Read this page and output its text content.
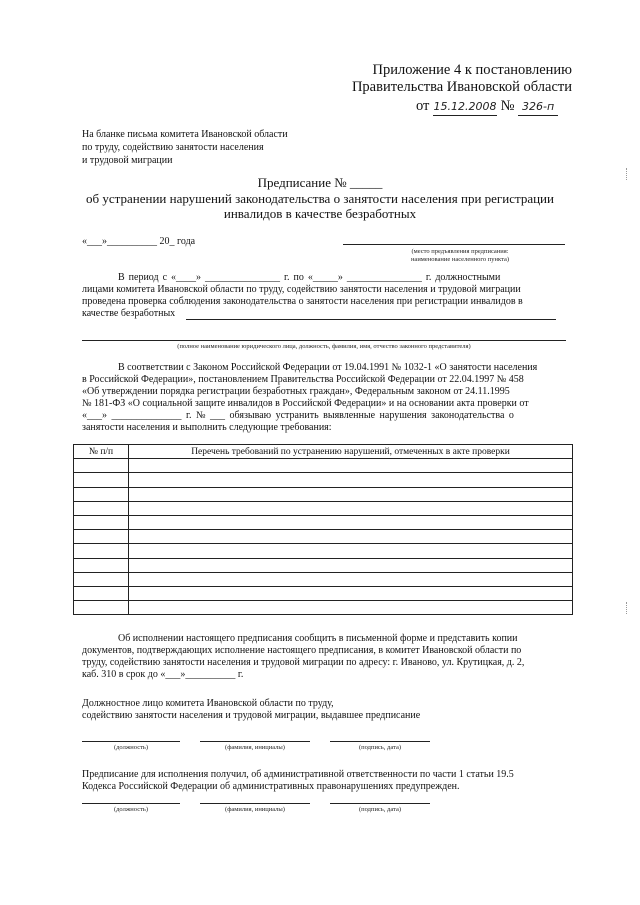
Приложение 4 к постановлению
Правительства Ивановской области
от 15.12.2008 № 326-п
На бланке письма комитета Ивановской области
по труду, содействию занятости населения
и трудовой миграции
Предписание № _____
об устранении нарушений законодательства о занятости населения при регистрации
инвалидов в качестве безработных
«___»__________ 20_ года
(место предъявления предписания:
наименование населенного пункта)
В период с «____» _______________ г. по «_____» _______________ г. должностными
лицами комитета Ивановской области по труду, содействию занятости населения и трудовой миграции
проведена проверка соблюдения законодательства о занятости населения при регистрации инвалидов в
качестве безработных
(полное наименование юридического лица, должность, фамилия, имя, отчество законного представителя)
В соответствии с Законом Российской Федерации от 19.04.1991 № 1032-1 «О занятости населения
в Российской Федерации», постановлением Правительства Российской Федерации от 22.04.1997 № 458
«Об утверждении порядка регистрации безработных граждан», Федеральным законом от 24.11.1995
№ 181-ФЗ «О социальной защите инвалидов в Российской Федерации» и на основании акта проверки от
«___» ______________ г. № ___ обязываю устранить выявленные нарушения законодательства о
занятости населения и выполнить следующие требования:
№ п/п	Перечень требований по устранению нарушений, отмеченных в акте проверки

Об исполнении настоящего предписания сообщить в письменной форме и представить копии
документов, подтверждающих исполнение настоящего предписания, в комитет Ивановской области по
труду, содействию занятости населения и трудовой миграции по адресу: г. Иваново, ул. Крутицкая, д. 2,
каб. 310 в срок до «___»__________ г.
Должностное лицо комитета Ивановской области по труду,
содействию занятости населения и трудовой миграции, выдавшее предписание
(должность)	(фамилия, инициалы)	(подпись, дата)
Предписание для исполнения получил, об административной ответственности по части 1 статьи 19.5
Кодекса Российской Федерации об административных правонарушениях предупрежден.
(должность)	(фамилия, инициалы)	(подпись, дата)
